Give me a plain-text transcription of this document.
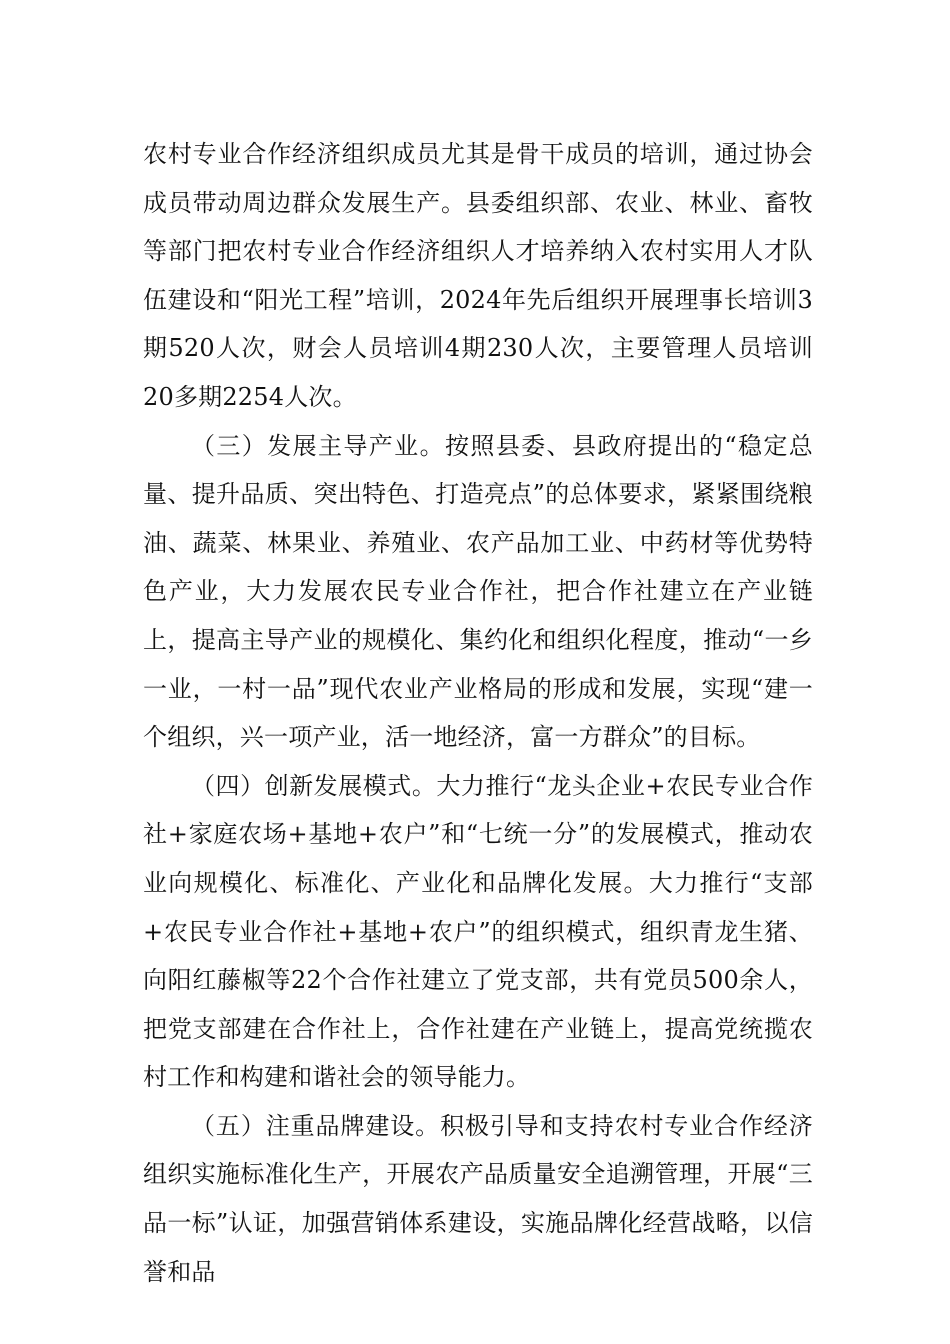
农村专业合作经济组织成员尤其是骨干成员的培训，通过协会成员带动周边群众发展生产。县委组织部、农业、林业、畜牧等部门把农村专业合作经济组织人才培养纳入农村实用人才队伍建设和“阳光工程”培训，2024年先后组织开展理事长培训3期520人次，财会人员培训4期230人次，主要管理人员培训20多期2254人次。

（三）发展主导产业。按照县委、县政府提出的“稳定总量、提升品质、突出特色、打造亮点”的总体要求，紧紧围绕粮油、蔬菜、林果业、养殖业、农产品加工业、中药材等优势特色产业，大力发展农民专业合作社，把合作社建立在产业链上，提高主导产业的规模化、集约化和组织化程度，推动“一乡一业，一村一品”现代农业产业格局的形成和发展，实现“建一个组织，兴一项产业，活一地经济，富一方群众”的目标。

（四）创新发展模式。大力推行“龙头企业+农民专业合作社+家庭农场+基地+农户”和“七统一分”的发展模式，推动农业向规模化、标准化、产业化和品牌化发展。大力推行“支部+农民专业合作社+基地+农户”的组织模式，组织青龙生猪、向阳红藤椒等22个合作社建立了党支部，共有党员500余人，把党支部建在合作社上，合作社建在产业链上，提高党统揽农村工作和构建和谐社会的领导能力。

（五）注重品牌建设。积极引导和支持农村专业合作经济组织实施标准化生产，开展农产品质量安全追溯管理，开展“三品一标”认证，加强营销体系建设，实施品牌化经营战略，以信誉和品
